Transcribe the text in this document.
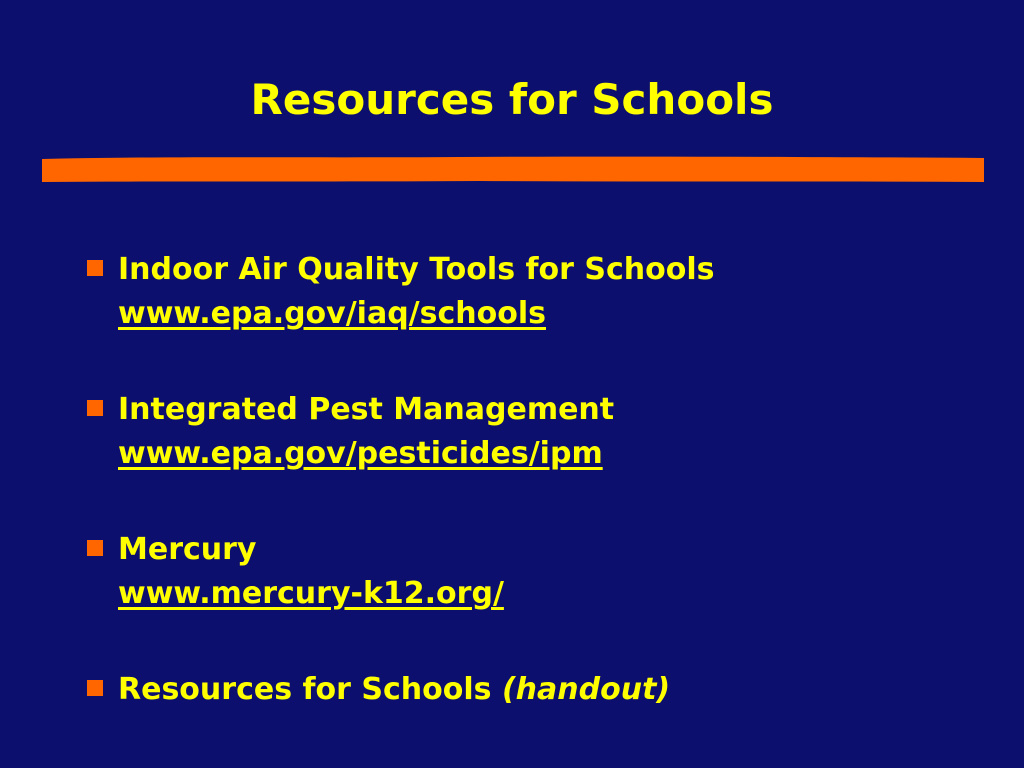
Resources for Schools
Indoor Air Quality Tools for Schools
www.epa.gov/iaq/schools
Integrated Pest Management
www.epa.gov/pesticides/ipm
Mercury
www.mercury-k12.org/
Resources for Schools (handout)
